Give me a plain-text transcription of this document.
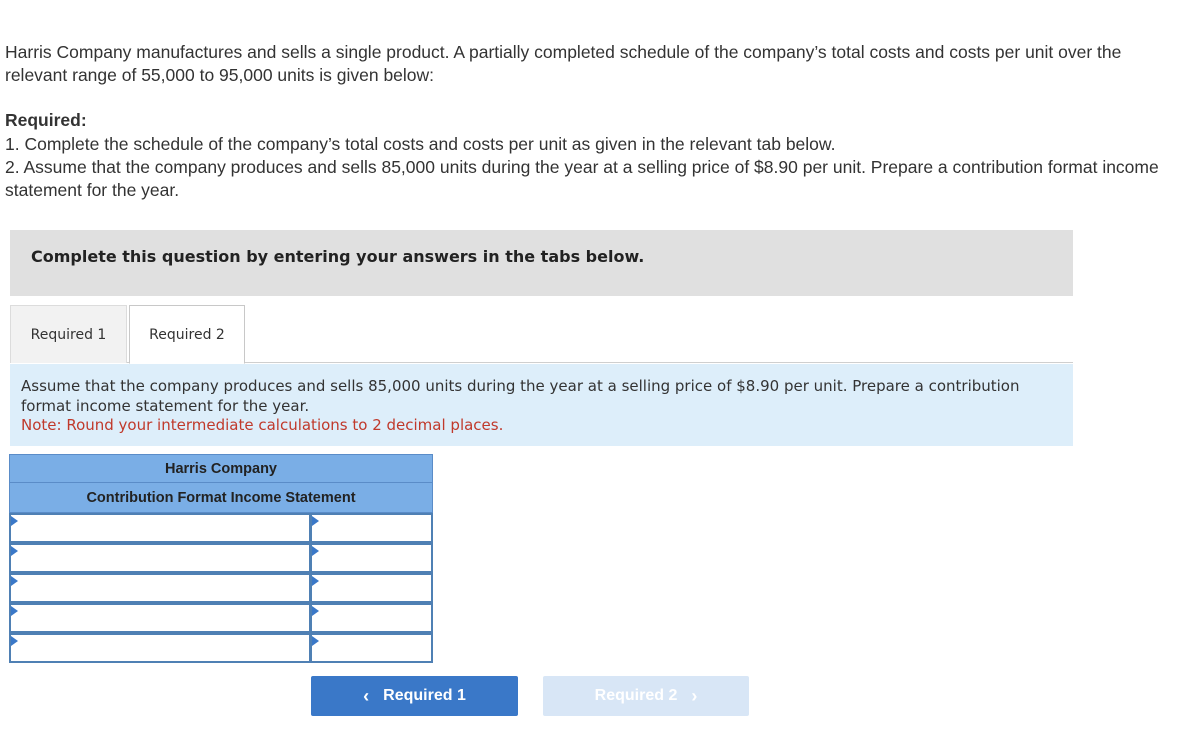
Harris Company manufactures and sells a single product. A partially completed schedule of the company’s total costs and costs per unit over the relevant range of 55,000 to 95,000 units is given below:
Required:
1. Complete the schedule of the company’s total costs and costs per unit as given in the relevant tab below.
2. Assume that the company produces and sells 85,000 units during the year at a selling price of $8.90 per unit. Prepare a contribution format income statement for the year.
Complete this question by entering your answers in the tabs below.
Required 1	Required 2
Assume that the company produces and sells 85,000 units during the year at a selling price of $8.90 per unit. Prepare a contribution format income statement for the year.
Note: Round your intermediate calculations to 2 decimal places.
Harris Company
Contribution Format Income Statement
‹ Required 1	Required 2 ›
